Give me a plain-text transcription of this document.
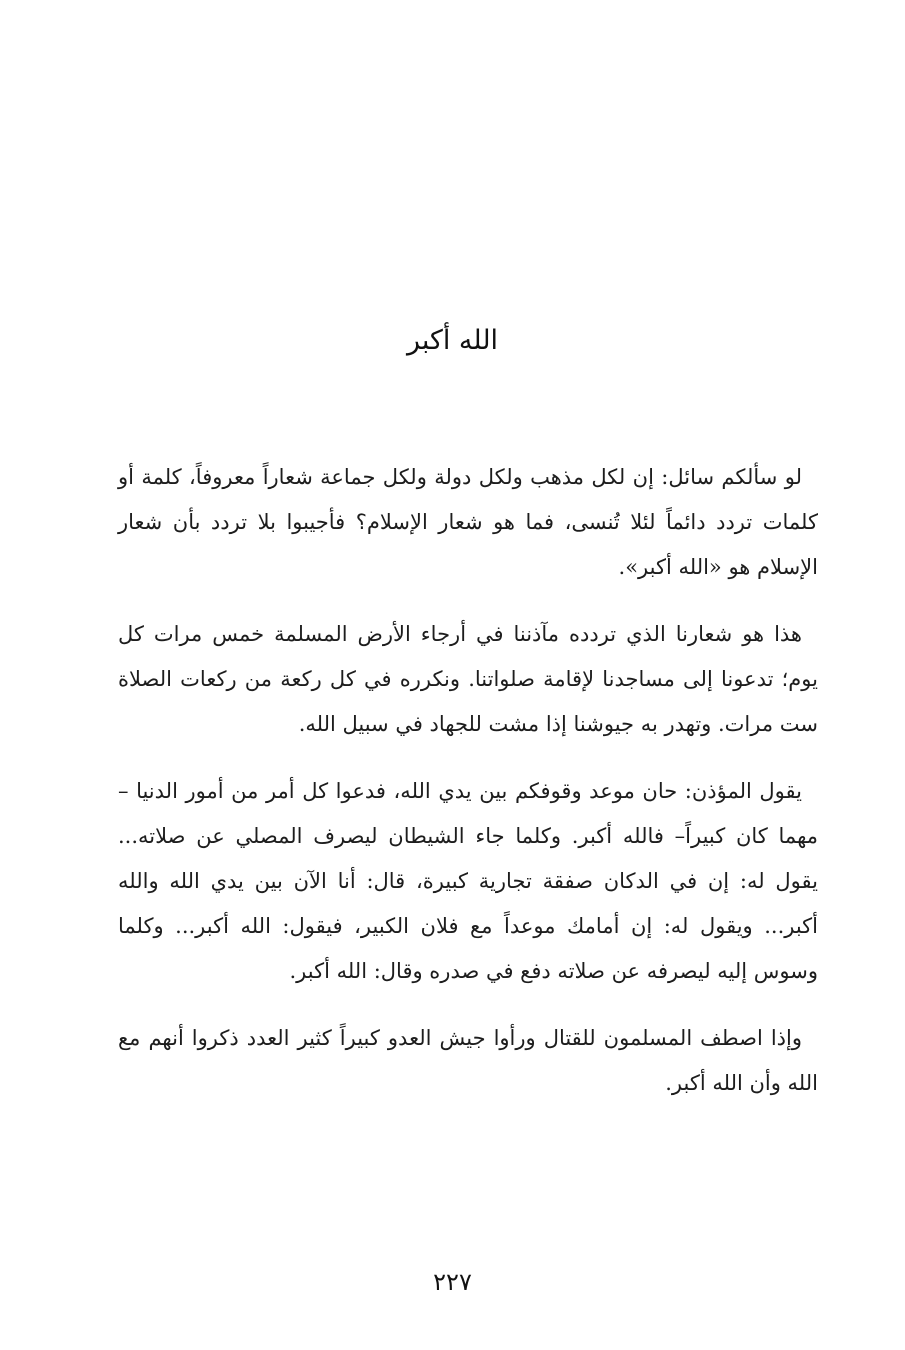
الله أكبر

لو سألكم سائل: إن لكل مذهب ولكل دولة ولكل جماعة شعاراً معروفاً، كلمة أو كلمات تردد دائماً لئلا تُنسى، فما هو شعار الإسلام؟ فأجيبوا بلا تردد بأن شعار الإسلام هو «الله أكبر».

هذا هو شعارنا الذي تردده مآذننا في أرجاء الأرض المسلمة خمس مرات كل يوم؛ تدعونا إلى مساجدنا لإقامة صلواتنا. ونكرره في كل ركعة من ركعات الصلاة ست مرات. وتهدر به جيوشنا إذا مشت للجهاد في سبيل الله.

يقول المؤذن: حان موعد وقوفكم بين يدي الله، فدعوا كل أمر من أمور الدنيا –مهما كان كبيراً– فالله أكبر. وكلما جاء الشيطان ليصرف المصلي عن صلاته... يقول له: إن في الدكان صفقة تجارية كبيرة، قال: أنا الآن بين يدي الله والله أكبر... ويقول له: إن أمامك موعداً مع فلان الكبير، فيقول: الله أكبر... وكلما وسوس إليه ليصرفه عن صلاته دفع في صدره وقال: الله أكبر.

وإذا اصطف المسلمون للقتال ورأوا جيش العدو كبيراً كثير العدد ذكروا أنهم مع الله وأن الله أكبر.

٢٢٧
